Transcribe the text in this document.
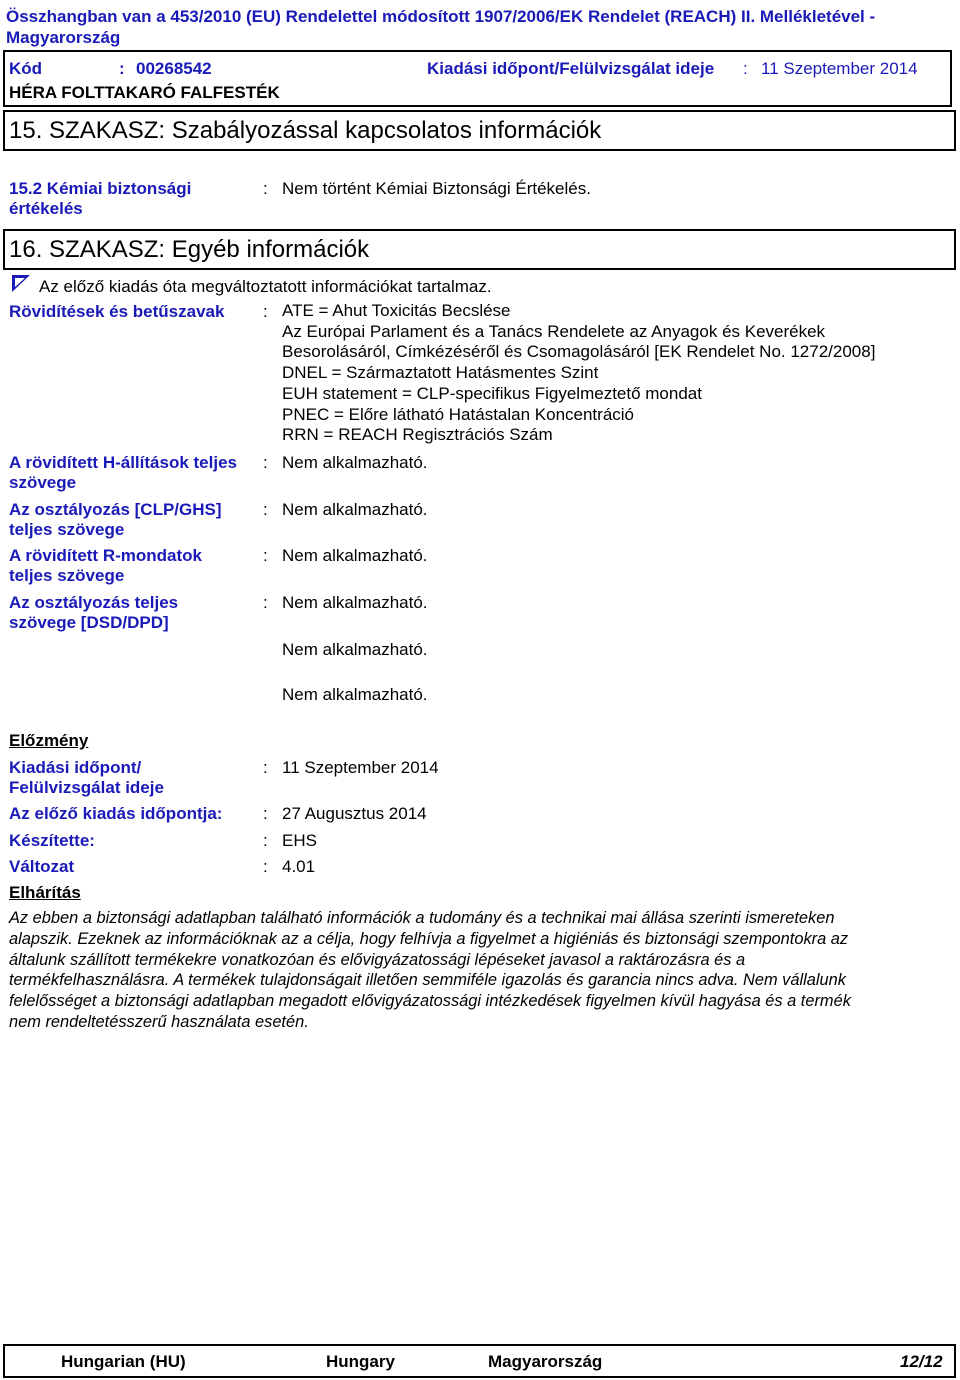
Összhangban van a 453/2010 (EU) Rendelettel módosított 1907/2006/EK Rendelet (REACH) II. Mellékletével - Magyarország
Kód	: 00268542	Kiadási időpont/Felülvizsgálat ideje : 11 Szeptember 2014
HÉRA FOLTTAKARÓ FALFESTÉK
15. SZAKASZ: Szabályozással kapcsolatos információk
15.2 Kémiai biztonsági
értékelés
: Nem történt Kémiai Biztonsági Értékelés.
16. SZAKASZ: Egyéb információk
Az előző kiadás óta megváltoztatott információkat tartalmaz.
Rövidítések és betűszavak : ATE = Ahut Toxicitás Becslése
Az Európai Parlament és a Tanács Rendelete az Anyagok és Keverékek
Besorolásáról, Címkézéséről és Csomagolásáról [EK Rendelet No. 1272/2008]
DNEL = Származtatott Hatásmentes Szint
EUH statement = CLP-specifikus Figyelmeztető mondat
PNEC = Előre látható Hatástalan Koncentráció
RRN = REACH Regisztrációs Szám
A rövidített H-állítások teljes
szövege
: Nem alkalmazható.
Az osztályozás [CLP/GHS]
teljes szövege
: Nem alkalmazható.
A rövidített R-mondatok
teljes szövege
: Nem alkalmazható.
Az osztályozás teljes
szövege [DSD/DPD]
: Nem alkalmazható.
Nem alkalmazható.
Nem alkalmazható.
Előzmény
Kiadási időpont/
Felülvizsgálat ideje
: 11 Szeptember 2014
Az előző kiadás időpontja: : 27 Augusztus 2014
Készítette:	: EHS
Változat	: 4.01
Elhárítás
Az ebben a biztonsági adatlapban található információk a tudomány és a technikai mai állása szerinti ismereteken
alapszik. Ezeknek az információknak az a célja, hogy felhívja a figyelmet a higiéniás és biztonsági szempontokra az
általunk szállított termékekre vonatkozóan és elővigyázatossági lépéseket javasol a raktározásra és a
termékfelhasználásra. A termékek tulajdonságait illetően semmiféle igazolás és garancia nincs adva. Nem vállalunk
felelősséget a biztonsági adatlapban megadott elővigyázatossági intézkedések figyelmen kívül hagyása és a termék
nem rendeltetésszerű használata esetén.
Hungarian (HU)	Hungary	Magyarország	12/12
